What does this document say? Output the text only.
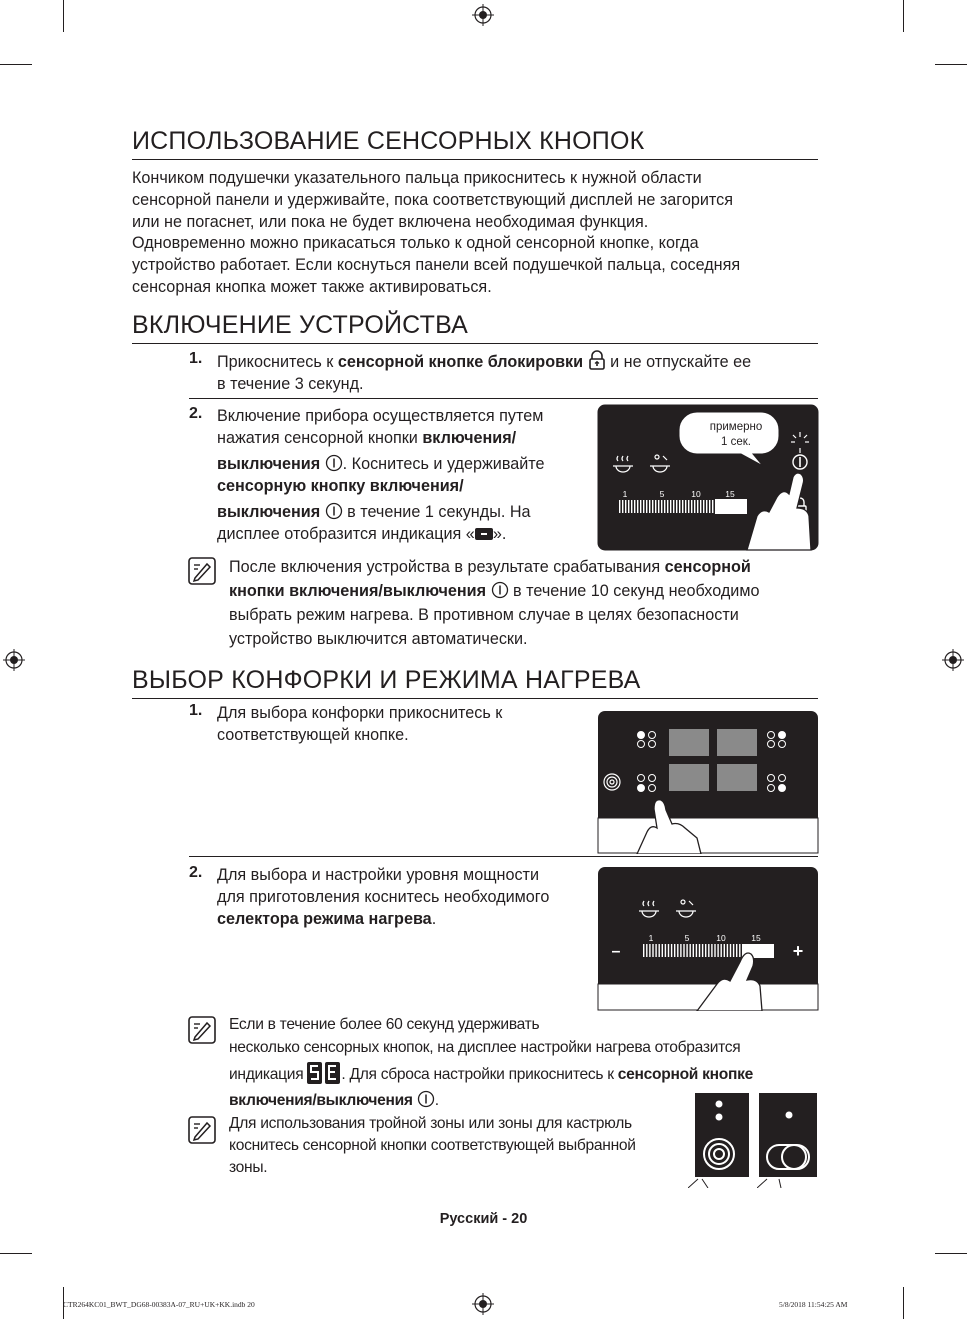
ИСПОЛЬЗОВАНИЕ СЕНСОРНЫХ КНОПОК
Кончиком подушечки указательного пальца прикоснитесь к нужной области
сенсорной панели и удерживайте, пока соответствующий дисплей не загорится
или не погаснет, или пока не будет включена необходимая функция.
Одновременно можно прикасаться только к одной сенсорной кнопке, когда
устройство работает. Если коснуться панели всей подушечкой пальца, соседняя
сенсорная кнопка может также активироваться.
ВКЛЮЧЕНИЕ УСТРОЙСТВА
1. Прикоснитесь к сенсорной кнопке блокировки  и не отпускайте ее
в течение 3 секунд.
2. Включение прибора осуществляется путем
нажатия сенсорной кнопки включения/
выключения . Коснитесь и удерживайте
сенсорную кнопку включения/
выключения  в течение 1 секунды. На
дисплее отобразится индикация « ».
примерно
1 сек.
1	5	10	15
После включения устройства в результате срабатывания сенсорной
кнопки включения/выключения  в течение 10 секунд необходимо
выбрать режим нагрева. В противном случае в целях безопасности
устройство выключится автоматически.
ВЫБОР КОНФОРКИ И РЕЖИМА НАГРЕВА
1. Для выбора конфорки прикоснитесь к
соответствующей кнопке.
2. Для выбора и настройки уровня мощности
для приготовления коснитесь необходимого
селектора режима нагрева.
–	+
1	5	10	15
Если в течение более 60 секунд удерживать
несколько сенсорных кнопок, на дисплее настройки нагрева отобразится
индикация . Для сброса настройки прикоснитесь к сенсорной кнопке
включения/выключения .
Для использования тройной зоны или зоны для кастрюль
коснитесь сенсорной кнопки соответствующей выбранной
зоны.
Русский - 20
CTR264KC01_BWT_DG68-00383A-07_RU+UK+KK.indb 20	5/8/2018 11:54:25 AM
